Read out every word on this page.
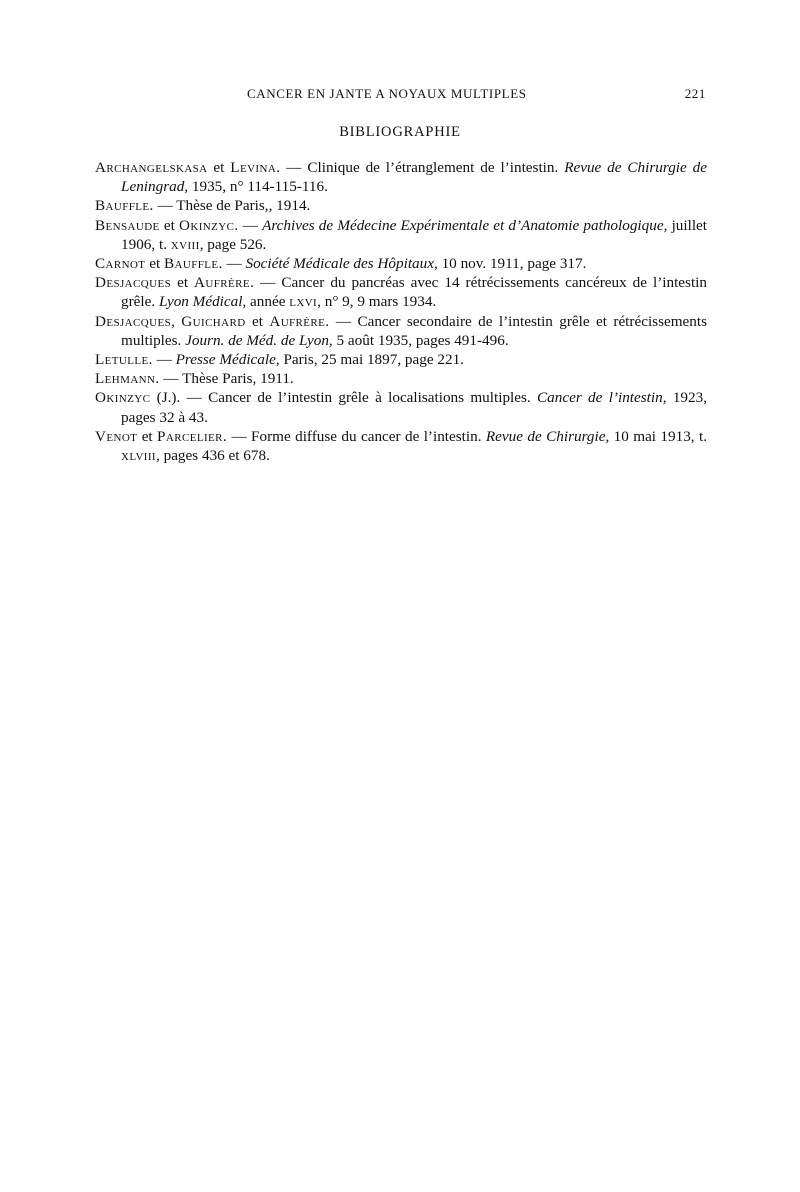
CANCER EN JANTE A NOYAUX MULTIPLES	221
BIBLIOGRAPHIE

Archangelskasa et Levina. — Clinique de l’étranglement de l’intestin. Revue de Chirurgie de Leningrad, 1935, n° 114-115-116.

Bauffle. — Thèse de Paris,, 1914.

Bensaude et Okinzyc. — Archives de Médecine Expérimentale et d’Anatomie pathologique, juillet 1906, t. xviii, page 526.

Carnot et Bauffle. — Société Médicale des Hôpitaux, 10 nov. 1911, page 317.

Desjacques et Aufrère. — Cancer du pancréas avec 14 rétrécissements cancéreux de l’intestin grêle. Lyon Médical, année lxvi, n° 9, 9 mars 1934.

Desjacques, Guichard et Aufrère. — Cancer secondaire de l’intestin grêle et rétrécissements multiples. Journ. de Méd. de Lyon, 5 août 1935, pages 491-496.

Letulle. — Presse Médicale, Paris, 25 mai 1897, page 221.

Lehmann. — Thèse Paris, 1911.

Okinzyc (J.). — Cancer de l’intestin grêle à localisations multiples. Cancer de l’intestin, 1923, pages 32 à 43.

Venot et Parcelier. — Forme diffuse du cancer de l’intestin. Revue de Chirurgie, 10 mai 1913, t. xlviii, pages 436 et 678.
